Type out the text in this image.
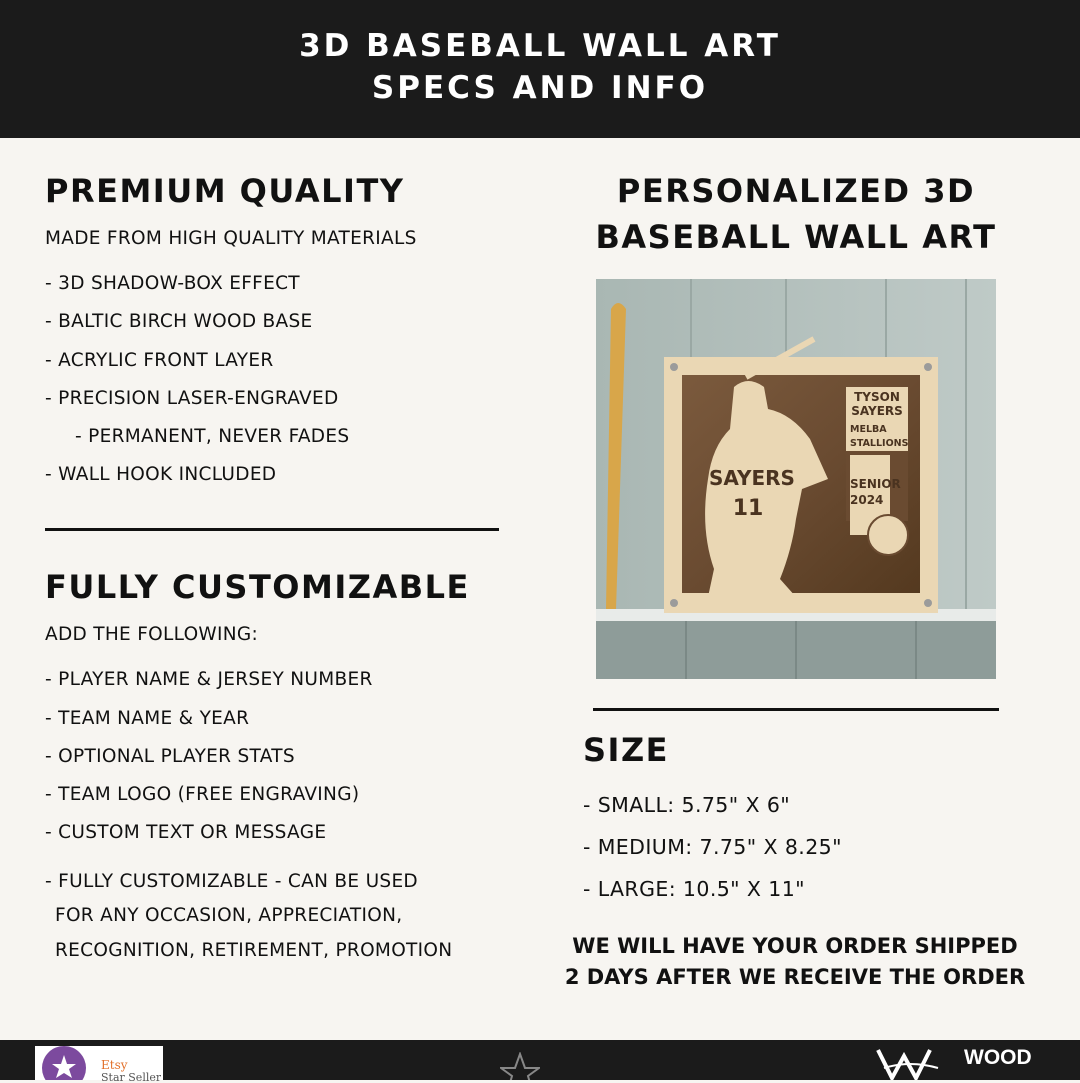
3D BASEBALL WALL ART
SPECS AND INFO
PREMIUM QUALITY
MADE FROM HIGH QUALITY MATERIALS
- 3D SHADOW-BOX EFFECT
- BALTIC BIRCH WOOD BASE
- ACRYLIC FRONT LAYER
- PRECISION LASER-ENGRAVED
- PERMANENT, NEVER FADES
- WALL HOOK INCLUDED
FULLY CUSTOMIZABLE
ADD THE FOLLOWING:
- PLAYER NAME & JERSEY NUMBER
- TEAM NAME & YEAR
- OPTIONAL PLAYER STATS
- TEAM LOGO (FREE ENGRAVING)
- CUSTOM TEXT OR MESSAGE
- FULLY CUSTOMIZABLE - CAN BE USED
FOR ANY OCCASION, APPRECIATION,
RECOGNITION, RETIREMENT, PROMOTION
PERSONALIZED 3D
BASEBALL WALL ART
TYSON
SAYERS
MELBA
STALLIONS
SENIOR
2024
SAYERS
11
SIZE
- SMALL: 5.75" X 6"
- MEDIUM: 7.75" X 8.25"
- LARGE: 10.5" X 11"
WE WILL HAVE YOUR ORDER SHIPPED
2 DAYS AFTER WE RECEIVE THE ORDER
Etsy
Star Seller
WOOD
